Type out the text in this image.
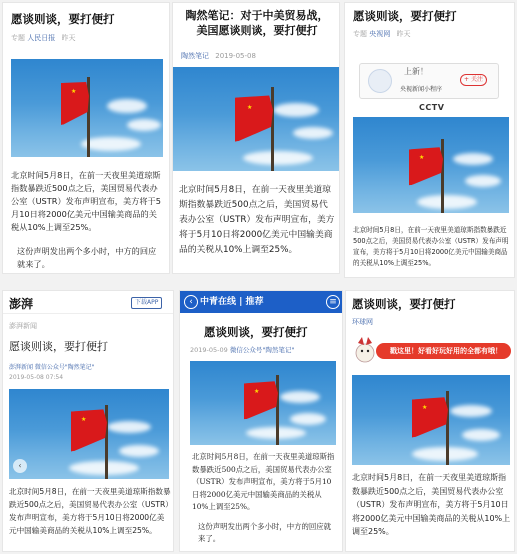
愿谈则谈，要打便打
专题 人民日报 昨天
★
北京时间5月8日，在前一天夜里美道琼斯指数暴跌近500点之后，美国贸易代表办公室（USTR）发布声明宣布，美方将于5月10日将2000亿美元中国输美商品的关税从10%上调至25%。
这份声明发出两个多小时，中方的回应就来了。
陶然笔记：对于中美贸易战，美国愿谈则谈，要打便打
陶然笔记 2019-05-08
★
北京时间5月8日，在前一天夜里美道琼斯指数暴跌近500点之后，美国贸易代表办公室（USTR）发布声明宣布，美方将于5月10日将2000亿美元中国输美商品的关税从10%上调至25%。
愿谈则谈，要打便打
专题 央视网 昨天
上新！
央视新闻小程序
+ 关注
CCTV
★
北京时间5月8日，在前一天夜里美道琼斯指数暴跌近500点之后，美国贸易代表办公室（USTR）发布声明宣布，美方将于5月10日将2000亿美元中国输美商品的关税从10%上调至25%。
澎湃	下载APP
澎湃新闻
愿谈则谈，要打便打
澎湃新闻 微信公众号"陶然笔记"
2019-05-08 07:54
★
‹
北京时间5月8日，在前一天夜里美道琼斯指数暴跌近500点之后，美国贸易代表办公室（USTR）发布声明宣布，美方将于5月10日将2000亿美元中国输美商品的关税从10%上调至25%。
中青在线 | 推荐
‹	≡
愿谈则谈，要打便打
2019-05-09 微信公众号"陶然笔记"
★
北京时间5月8日，在前一天夜里美道琼斯指数暴跌近500点之后，美国贸易代表办公室（USTR）发布声明宣布，美方将于5月10日将2000亿美元中国输美商品的关税从10%上调至25%。
这份声明发出两个多小时，中方的回应就来了。
愿谈则谈，要打便打
环球网
戳这里！好看好玩好用的全都有哦！
★
北京时间5月8日，在前一天夜里美道琼斯指数暴跌近500点之后，美国贸易代表办公室（USTR）发布声明宣布，美方将于5月10日将2000亿美元中国输美商品的关税从10%上调至25%。
